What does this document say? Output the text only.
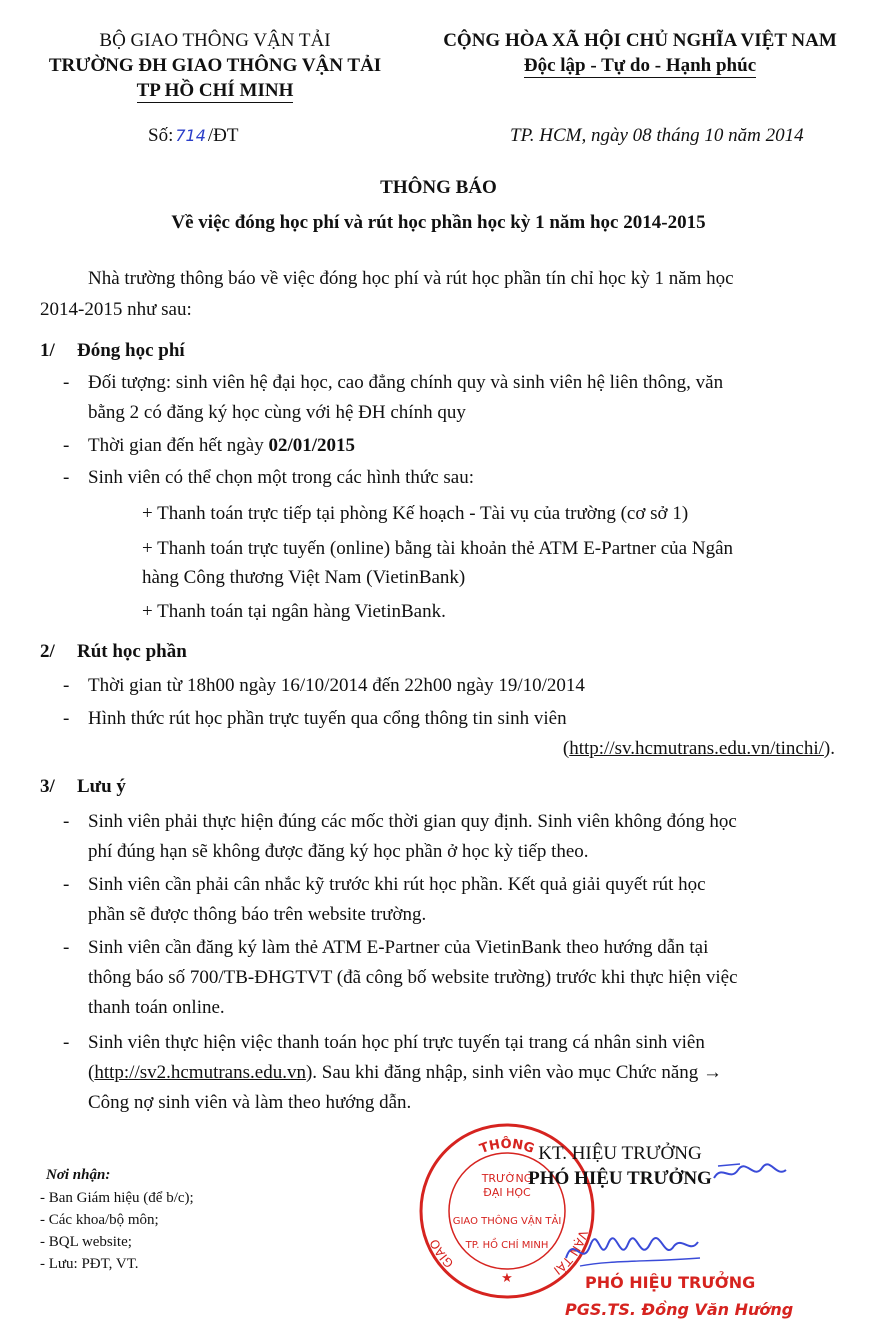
BỘ GIAO THÔNG VẬN TẢI
TRƯỜNG ĐH GIAO THÔNG VẬN TẢI
TP HỒ CHÍ MINH
CỘNG HÒA XÃ HỘI CHỦ NGHĨA VIỆT NAM
Độc lập - Tự do - Hạnh phúc
Số: 714 /ĐT	TP. HCM, ngày 08 tháng 10 năm 2014
THÔNG BÁO
Về việc đóng học phí và rút học phần học kỳ 1 năm học 2014-2015
Nhà trường thông báo về việc đóng học phí và rút học phần tín chỉ học kỳ 1 năm học
2014-2015 như sau:
1/ Đóng học phí
- Đối tượng: sinh viên hệ đại học, cao đẳng chính quy và sinh viên hệ liên thông, văn
bằng 2 có đăng ký học cùng với hệ ĐH chính quy
- Thời gian đến hết ngày 02/01/2015
- Sinh viên có thể chọn một trong các hình thức sau:
+ Thanh toán trực tiếp tại phòng Kế hoạch - Tài vụ của trường (cơ sở 1)
+ Thanh toán trực tuyến (online) bằng tài khoản thẻ ATM E-Partner của Ngân
hàng Công thương Việt Nam (VietinBank)
+ Thanh toán tại ngân hàng VietinBank.
2/ Rút học phần
- Thời gian từ 18h00 ngày 16/10/2014 đến 22h00 ngày 19/10/2014
- Hình thức rút học phần trực tuyến qua cổng thông tin sinh viên
(http://sv.hcmutrans.edu.vn/tinchi/).
3/ Lưu ý
- Sinh viên phải thực hiện đúng các mốc thời gian quy định. Sinh viên không đóng học
phí đúng hạn sẽ không được đăng ký học phần ở học kỳ tiếp theo.
- Sinh viên cần phải cân nhắc kỹ trước khi rút học phần. Kết quả giải quyết rút học
phần sẽ được thông báo trên website trường.
- Sinh viên cần đăng ký làm thẻ ATM E-Partner của VietinBank theo hướng dẫn tại
thông báo số 700/TB-ĐHGTVT (đã công bố website trường) trước khi thực hiện việc
thanh toán online.
- Sinh viên thực hiện việc thanh toán học phí trực tuyến tại trang cá nhân sinh viên
(http://sv2.hcmutrans.edu.vn). Sau khi đăng nhập, sinh viên vào mục Chức năng →
Công nợ sinh viên và làm theo hướng dẫn.
Nơi nhận:
- Ban Giám hiệu (để b/c);
- Các khoa/bộ môn;
- BQL website;
- Lưu: PĐT, VT.
THÔNG
GIAO
VẬN TẢI
TRƯỜNG
ĐẠI HỌC
GIAO THÔNG VẬN TẢI
TP. HỒ CHÍ MINH
★
KT. HIỆU TRƯỞNG
PHÓ HIỆU TRƯỞNG
PHÓ HIỆU TRƯỞNG
PGS.TS. Đồng Văn Hướng
